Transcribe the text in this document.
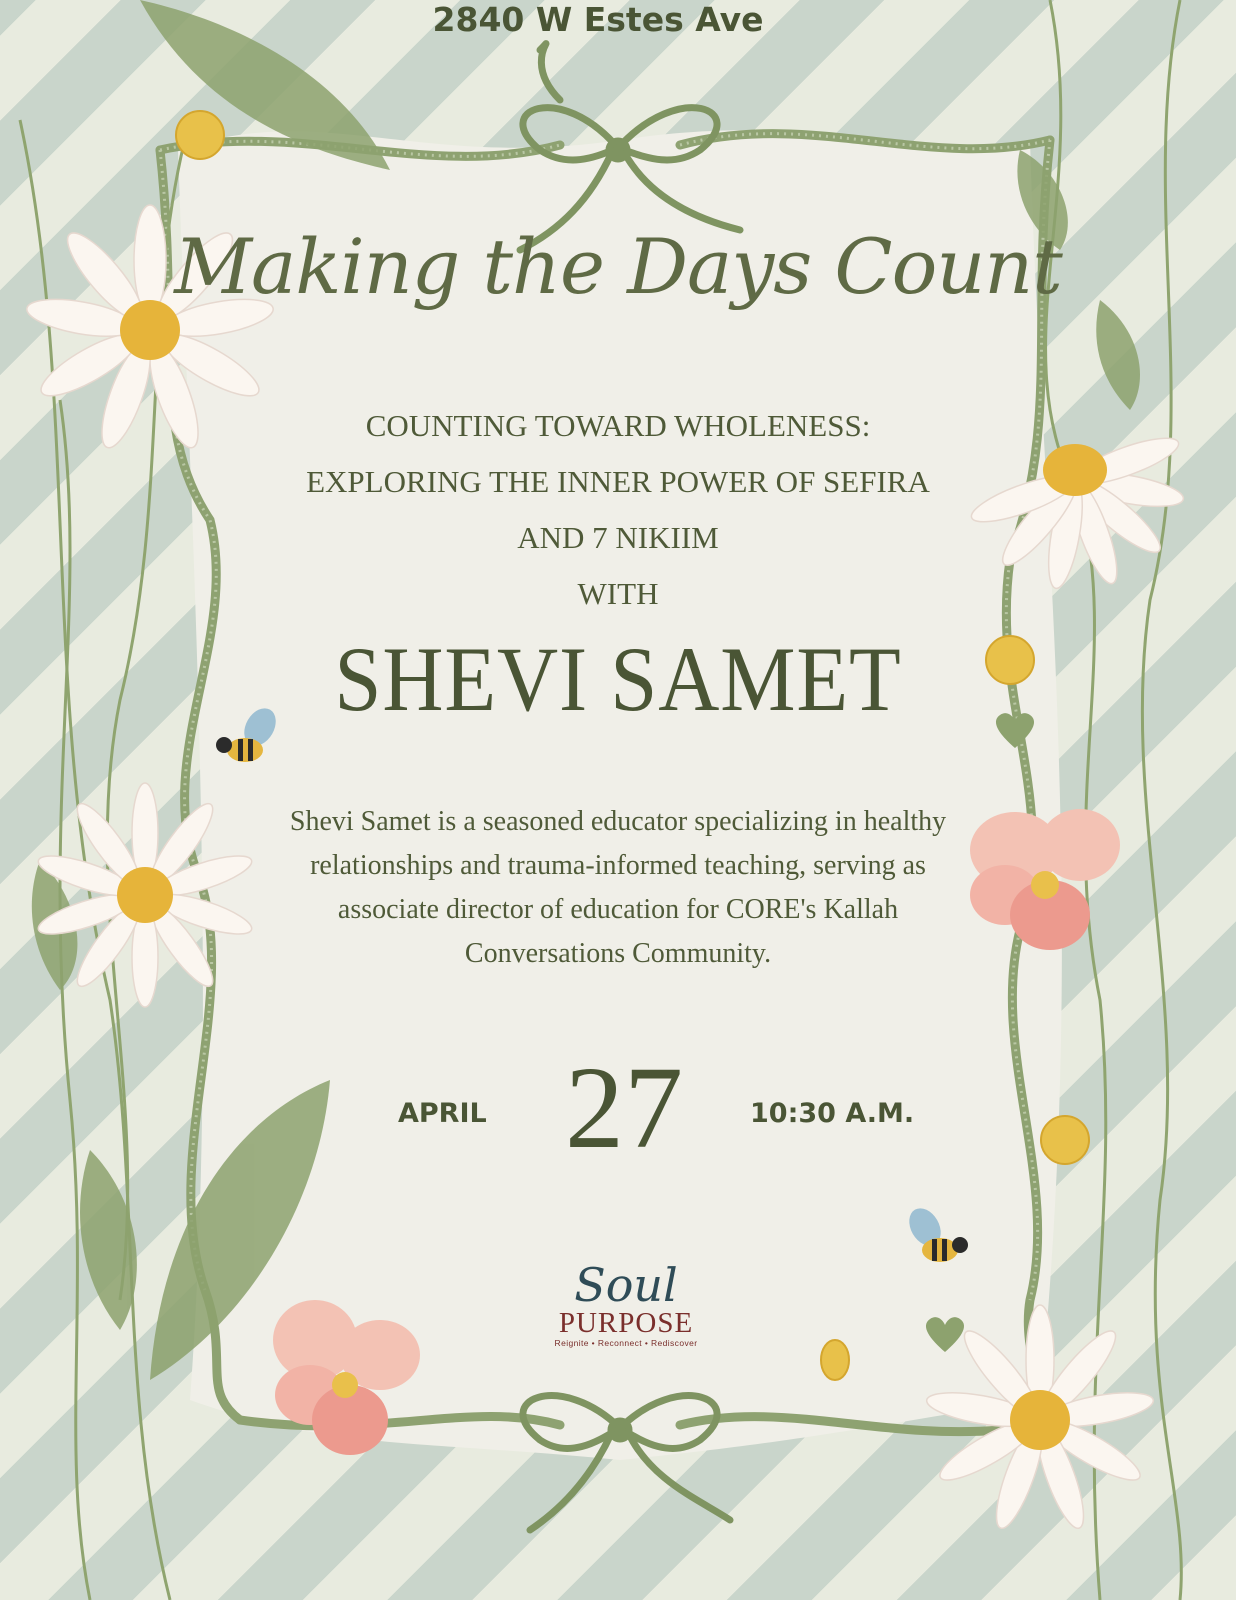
Making the Days Count
COUNTING TOWARD WHOLENESS:
EXPLORING THE INNER POWER OF SEFIRA
AND 7 NIKIIM
WITH
SHEVI SAMET
Shevi Samet is a seasoned educator specializing in healthy relationships and trauma-informed teaching, serving as associate director of education for CORE's Kallah Conversations Community.
APRIL 27	10:30 A.M.
2840 W Estes Ave
Soul
PURPOSE
Reignite • Reconnect • Rediscover
